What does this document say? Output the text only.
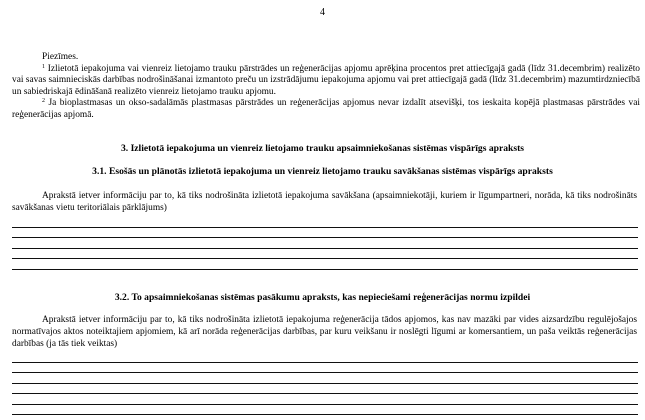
4
Piezīmes.

$^1$ Izlietotā iepakojuma vai vienreiz lietojamo trauku pārstrādes un reģenerācijas apjomu aprēķina procentos pret attiecīgajā gadā (līdz 31.decembrim) realizēto vai savas saimnieciskās darbības nodrošināšanai izmantoto preču un izstrādājumu iepakojuma apjomu vai pret attiecīgajā gadā (līdz 31.decembrim) mazumtirdzniecībā un sabiedriskajā ēdināšanā realizēto vienreiz lietojamo trauku apjomu.

$^2$ Ja bioplastmasas un okso-sadalāmās plastmasas pārstrādes un reģenerācijas apjomus nevar izdalīt atsevišķi, tos ieskaita kopējā plastmasas pārstrādes vai reģenerācijas apjomā.

3. Izlietotā iepakojuma un vienreiz lietojamo trauku apsaimniekošanas sistēmas vispārīgs apraksts
3.1. Esošās un plānotās izlietotā iepakojuma un vienreiz lietojamo trauku savākšanas sistēmas vispārīgs apraksts

Aprakstā ietver informāciju par to, kā tiks nodrošināta izlietotā iepakojuma savākšana (apsaimniekotāji, kuriem ir līgumpartneri, norāda, kā tiks nodrošināts savākšanas vietu teritoriālais pārklājums)

3.2. To apsaimniekošanas sistēmas pasākumu apraksts, kas nepieciešami reģenerācijas normu izpildei

Aprakstā ietver informāciju par to, kā tiks nodrošināta izlietotā iepakojuma reģenerācija tādos apjomos, kas nav mazāki par vides aizsardzību regulējošajos normatīvajos aktos noteiktajiem apjomiem, kā arī norāda reģenerācijas darbības, par kuru veikšanu ir noslēgti līgumi ar komersantiem, un paša veiktās reģenerācijas darbības (ja tās tiek veiktas)
